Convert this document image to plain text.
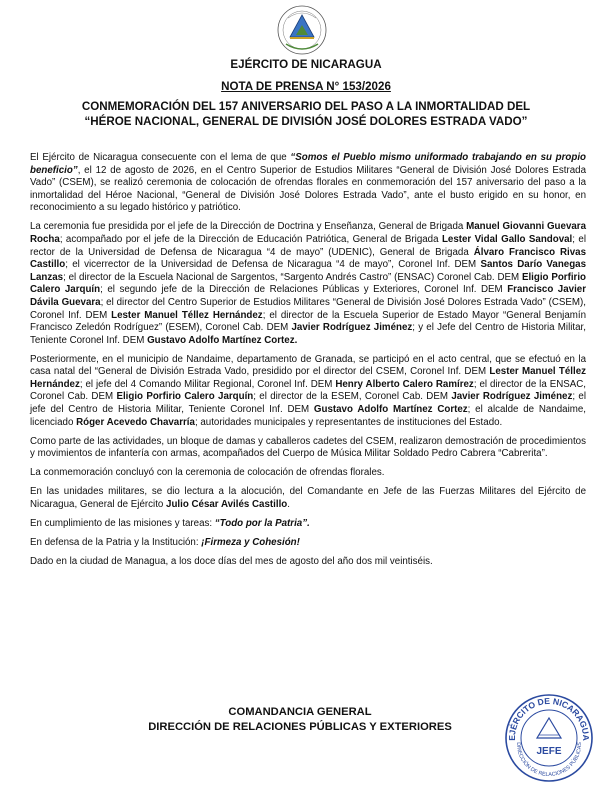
EJÉRCITO DE NICARAGUA
NOTA DE PRENSA N° 153/2026
CONMEMORACIÓN DEL 157 ANIVERSARIO DEL PASO A LA INMORTALIDAD DEL “HÉROE NACIONAL, GENERAL DE DIVISIÓN JOSÉ DOLORES ESTRADA VADO”

El Ejército de Nicaragua consecuente con el lema de que “Somos el Pueblo mismo uniformado trabajando en su propio beneficio”, el 12 de agosto de 2026, en el Centro Superior de Estudios Militares “General de División José Dolores Estrada Vado” (CSEM), se realizó ceremonia de colocación de ofrendas florales en conmemoración del 157 aniversario del paso a la inmortalidad del Héroe Nacional, “General de División José Dolores Estrada Vado”, ante el busto erigido en su honor, en reconocimiento a su legado histórico y patriótico.

La ceremonia fue presidida por el jefe de la Dirección de Doctrina y Enseñanza, General de Brigada Manuel Giovanni Guevara Rocha; acompañado por el jefe de la Dirección de Educación Patriótica, General de Brigada Lester Vidal Gallo Sandoval; el rector de la Universidad de Defensa de Nicaragua “4 de mayo” (UDENIC), General de Brigada Álvaro Francisco Rivas Castillo; el vicerrector de la Universidad de Defensa de Nicaragua “4 de mayo”, Coronel Inf. DEM Santos Darío Vanegas Lanzas; el director de la Escuela Nacional de Sargentos, “Sargento Andrés Castro” (ENSAC) Coronel Cab. DEM Eligio Porfirio Calero Jarquín; el segundo jefe de la Dirección de Relaciones Públicas y Exteriores, Coronel Inf. DEM Francisco Javier Dávila Guevara; el director del Centro Superior de Estudios Militares “General de División José Dolores Estrada Vado” (CSEM), Coronel Inf. DEM Lester Manuel Téllez Hernández; el director de la Escuela Superior de Estado Mayor “General Benjamín Francisco Zeledón Rodríguez” (ESEM), Coronel Cab. DEM Javier Rodríguez Jiménez; y el Jefe del Centro de Historia Militar, Teniente Coronel Inf. DEM Gustavo Adolfo Martínez Cortez.

Posteriormente, en el municipio de Nandaime, departamento de Granada, se participó en el acto central, que se efectuó en la casa natal del “General de División Estrada Vado, presidido por el director del CSEM, Coronel Inf. DEM Lester Manuel Téllez Hernández; el jefe del 4 Comando Militar Regional, Coronel Inf. DEM Henry Alberto Calero Ramírez; el director de la ENSAC, Coronel Cab. DEM Eligio Porfirio Calero Jarquín; el director de la ESEM, Coronel Cab. DEM Javier Rodríguez Jiménez; el jefe del Centro de Historia Militar, Teniente Coronel Inf. DEM Gustavo Adolfo Martínez Cortez; el alcalde de Nandaime, licenciado Róger Acevedo Chavarría; autoridades municipales y representantes de instituciones del Estado.

Como parte de las actividades, un bloque de damas y caballeros cadetes del CSEM, realizaron demostración de procedimientos y movimientos de infantería con armas, acompañados del Cuerpo de Música Militar Soldado Pedro Cabrera “Cabrerita”.

La conmemoración concluyó con la ceremonia de colocación de ofrendas florales.

En las unidades militares, se dio lectura a la alocución, del Comandante en Jefe de las Fuerzas Militares del Ejército de Nicaragua, General de Ejército Julio César Avilés Castillo.

En cumplimiento de las misiones y tareas: “Todo por la Patria”.

En defensa de la Patria y la Institución: ¡Firmeza y Cohesión!

Dado en la ciudad de Managua, a los doce días del mes de agosto del año dos mil veintiséis.

COMANDANCIA GENERAL
DIRECCIÓN DE RELACIONES PÚBLICAS Y EXTERIORES
EJÉRCITO DE NICARAGUA
DIRECCIÓN DE RELACIONES PÚBLICAS
JEFE
